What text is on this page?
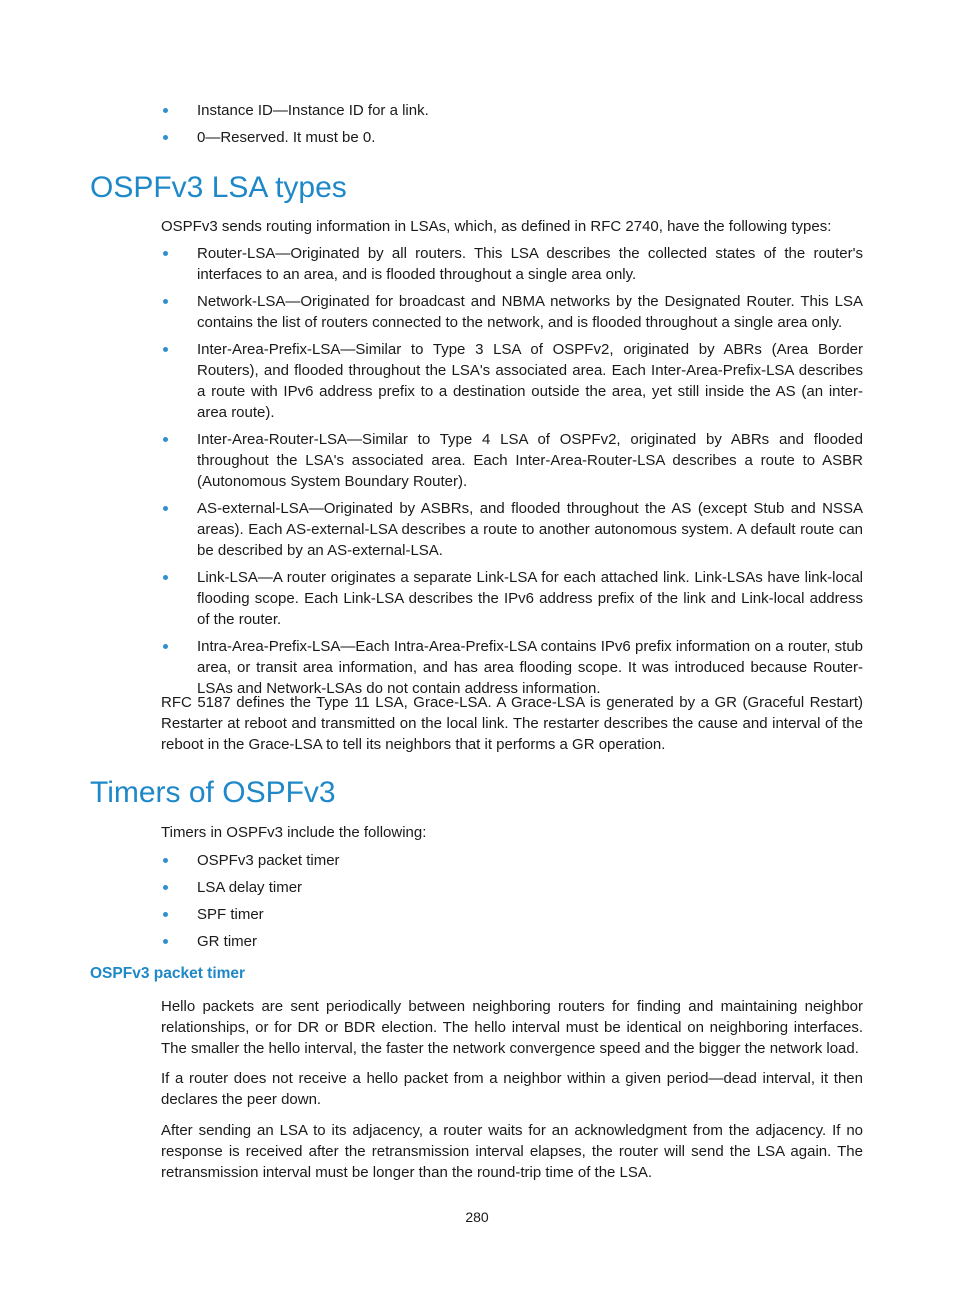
Instance ID—Instance ID for a link.
0—Reserved. It must be 0.
OSPFv3 LSA types

OSPFv3 sends routing information in LSAs, which, as defined in RFC 2740, have the following types:

Router-LSA—Originated by all routers. This LSA describes the collected states of the router's interfaces to an area, and is flooded throughout a single area only.
Network-LSA—Originated for broadcast and NBMA networks by the Designated Router. This LSA contains the list of routers connected to the network, and is flooded throughout a single area only.
Inter-Area-Prefix-LSA—Similar to Type 3 LSA of OSPFv2, originated by ABRs (Area Border Routers), and flooded throughout the LSA's associated area. Each Inter-Area-Prefix-LSA describes a route with IPv6 address prefix to a destination outside the area, yet still inside the AS (an inter-area route).
Inter-Area-Router-LSA—Similar to Type 4 LSA of OSPFv2, originated by ABRs and flooded throughout the LSA's associated area. Each Inter-Area-Router-LSA describes a route to ASBR (Autonomous System Boundary Router).
AS-external-LSA—Originated by ASBRs, and flooded throughout the AS (except Stub and NSSA areas). Each AS-external-LSA describes a route to another autonomous system. A default route can be described by an AS-external-LSA.
Link-LSA—A router originates a separate Link-LSA for each attached link. Link-LSAs have link-local flooding scope. Each Link-LSA describes the IPv6 address prefix of the link and Link-local address of the router.
Intra-Area-Prefix-LSA—Each Intra-Area-Prefix-LSA contains IPv6 prefix information on a router, stub area, or transit area information, and has area flooding scope. It was introduced because Router-LSAs and Network-LSAs do not contain address information.

RFC 5187 defines the Type 11 LSA, Grace-LSA. A Grace-LSA is generated by a GR (Graceful Restart) Restarter at reboot and transmitted on the local link. The restarter describes the cause and interval of the reboot in the Grace-LSA to tell its neighbors that it performs a GR operation.

Timers of OSPFv3

Timers in OSPFv3 include the following:

OSPFv3 packet timer
LSA delay timer
SPF timer
GR timer
OSPFv3 packet timer

Hello packets are sent periodically between neighboring routers for finding and maintaining neighbor relationships, or for DR or BDR election. The hello interval must be identical on neighboring interfaces. The smaller the hello interval, the faster the network convergence speed and the bigger the network load.

If a router does not receive a hello packet from a neighbor within a given period—dead interval, it then declares the peer down.

After sending an LSA to its adjacency, a router waits for an acknowledgment from the adjacency. If no response is received after the retransmission interval elapses, the router will send the LSA again. The retransmission interval must be longer than the round-trip time of the LSA.

280
